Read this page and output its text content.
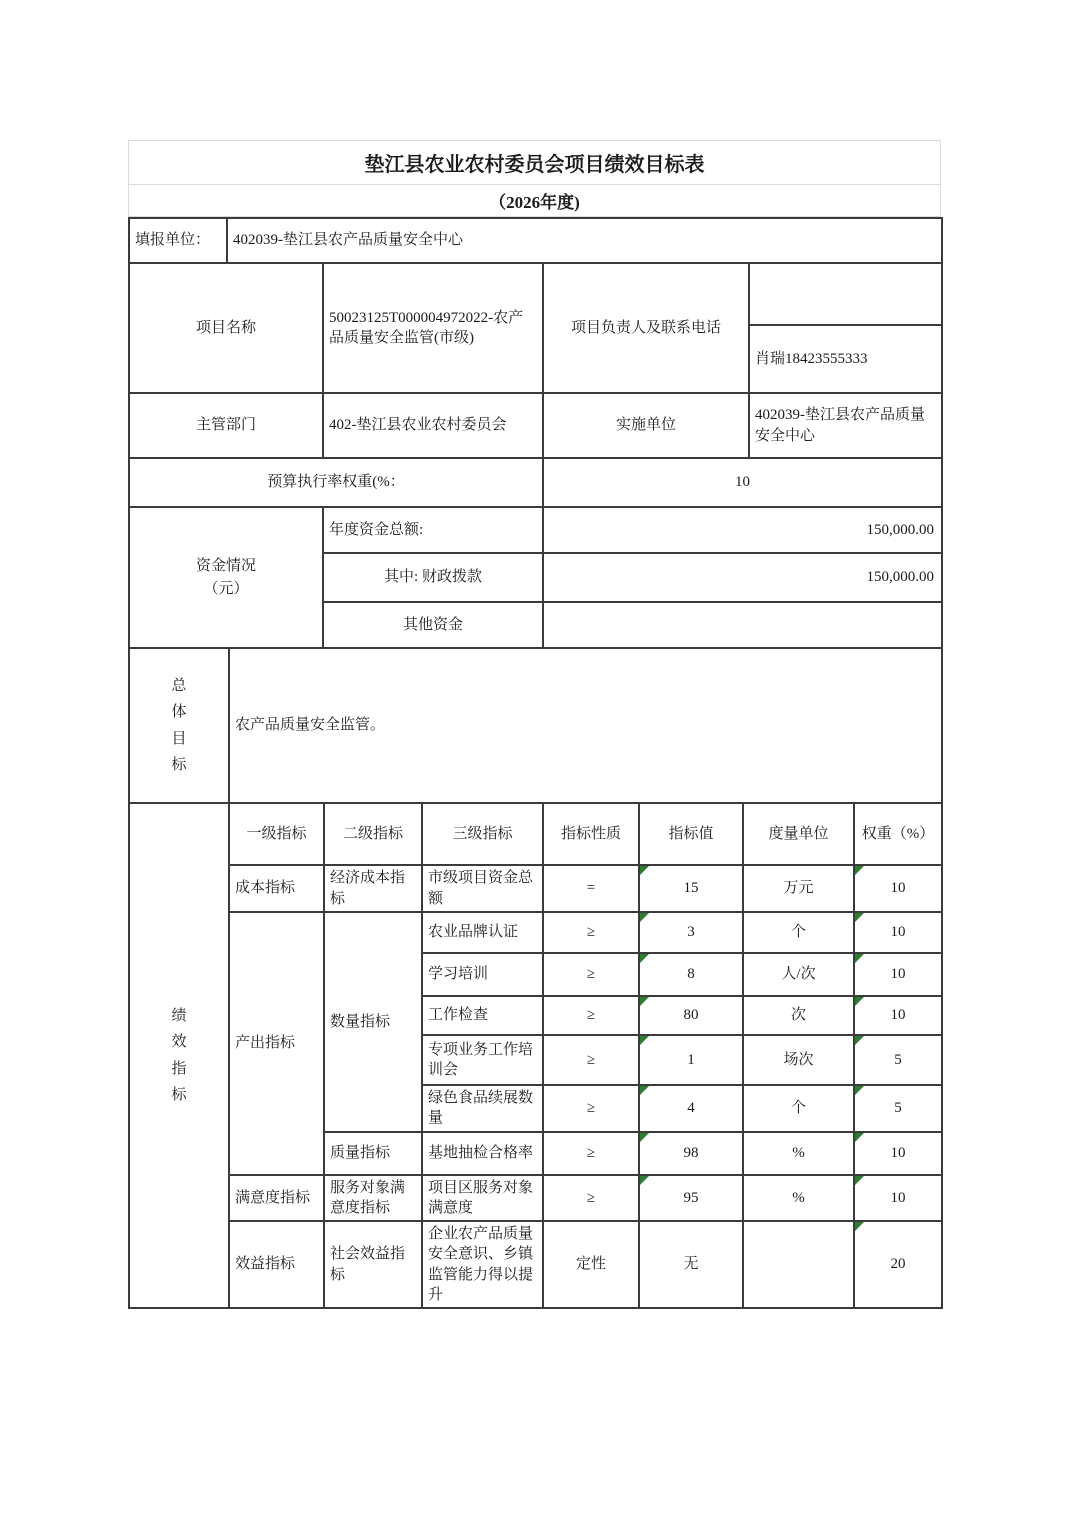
垫江县农业农村委员会项目绩效目标表
（2026年度)
填报单位：	402039-垫江县农产品质量安全中心
项目名称	50023125T000004972022-农产品质量安全监管(市级)	项目负责人及联系电话	
			肖瑞18423555333
主管部门	402-垫江县农业农村委员会	实施单位	402039-垫江县农产品质量安全中心
预算执行率权重(%：	10
资金情况
（元）	年度资金总额:	150,000.00
	其中: 财政拨款	150,000.00
	其他资金	
总体目标
	农产品质量安全监管。
绩效指标	一级指标	二级指标	三级指标	指标性质	指标值	度量单位	权重（%）
	成本指标	经济成本指标	市级项目资金总额	=	15	万元	10
	产出指标	数量指标	农业品牌认证	≥	3	个	10
			学习培训	≥	8	人/次	10
			工作检查	≥	80	次	10
			专项业务工作培训会	≥	1	场次	5
			绿色食品续展数量	≥	4	个	5
		质量指标	基地抽检合格率	≥	98	%	10
	满意度指标	服务对象满意度指标	项目区服务对象满意度	≥	95	%	10
	效益指标	社会效益指标	企业农产品质量安全意识、乡镇监管能力得以提升	定性	无		20
